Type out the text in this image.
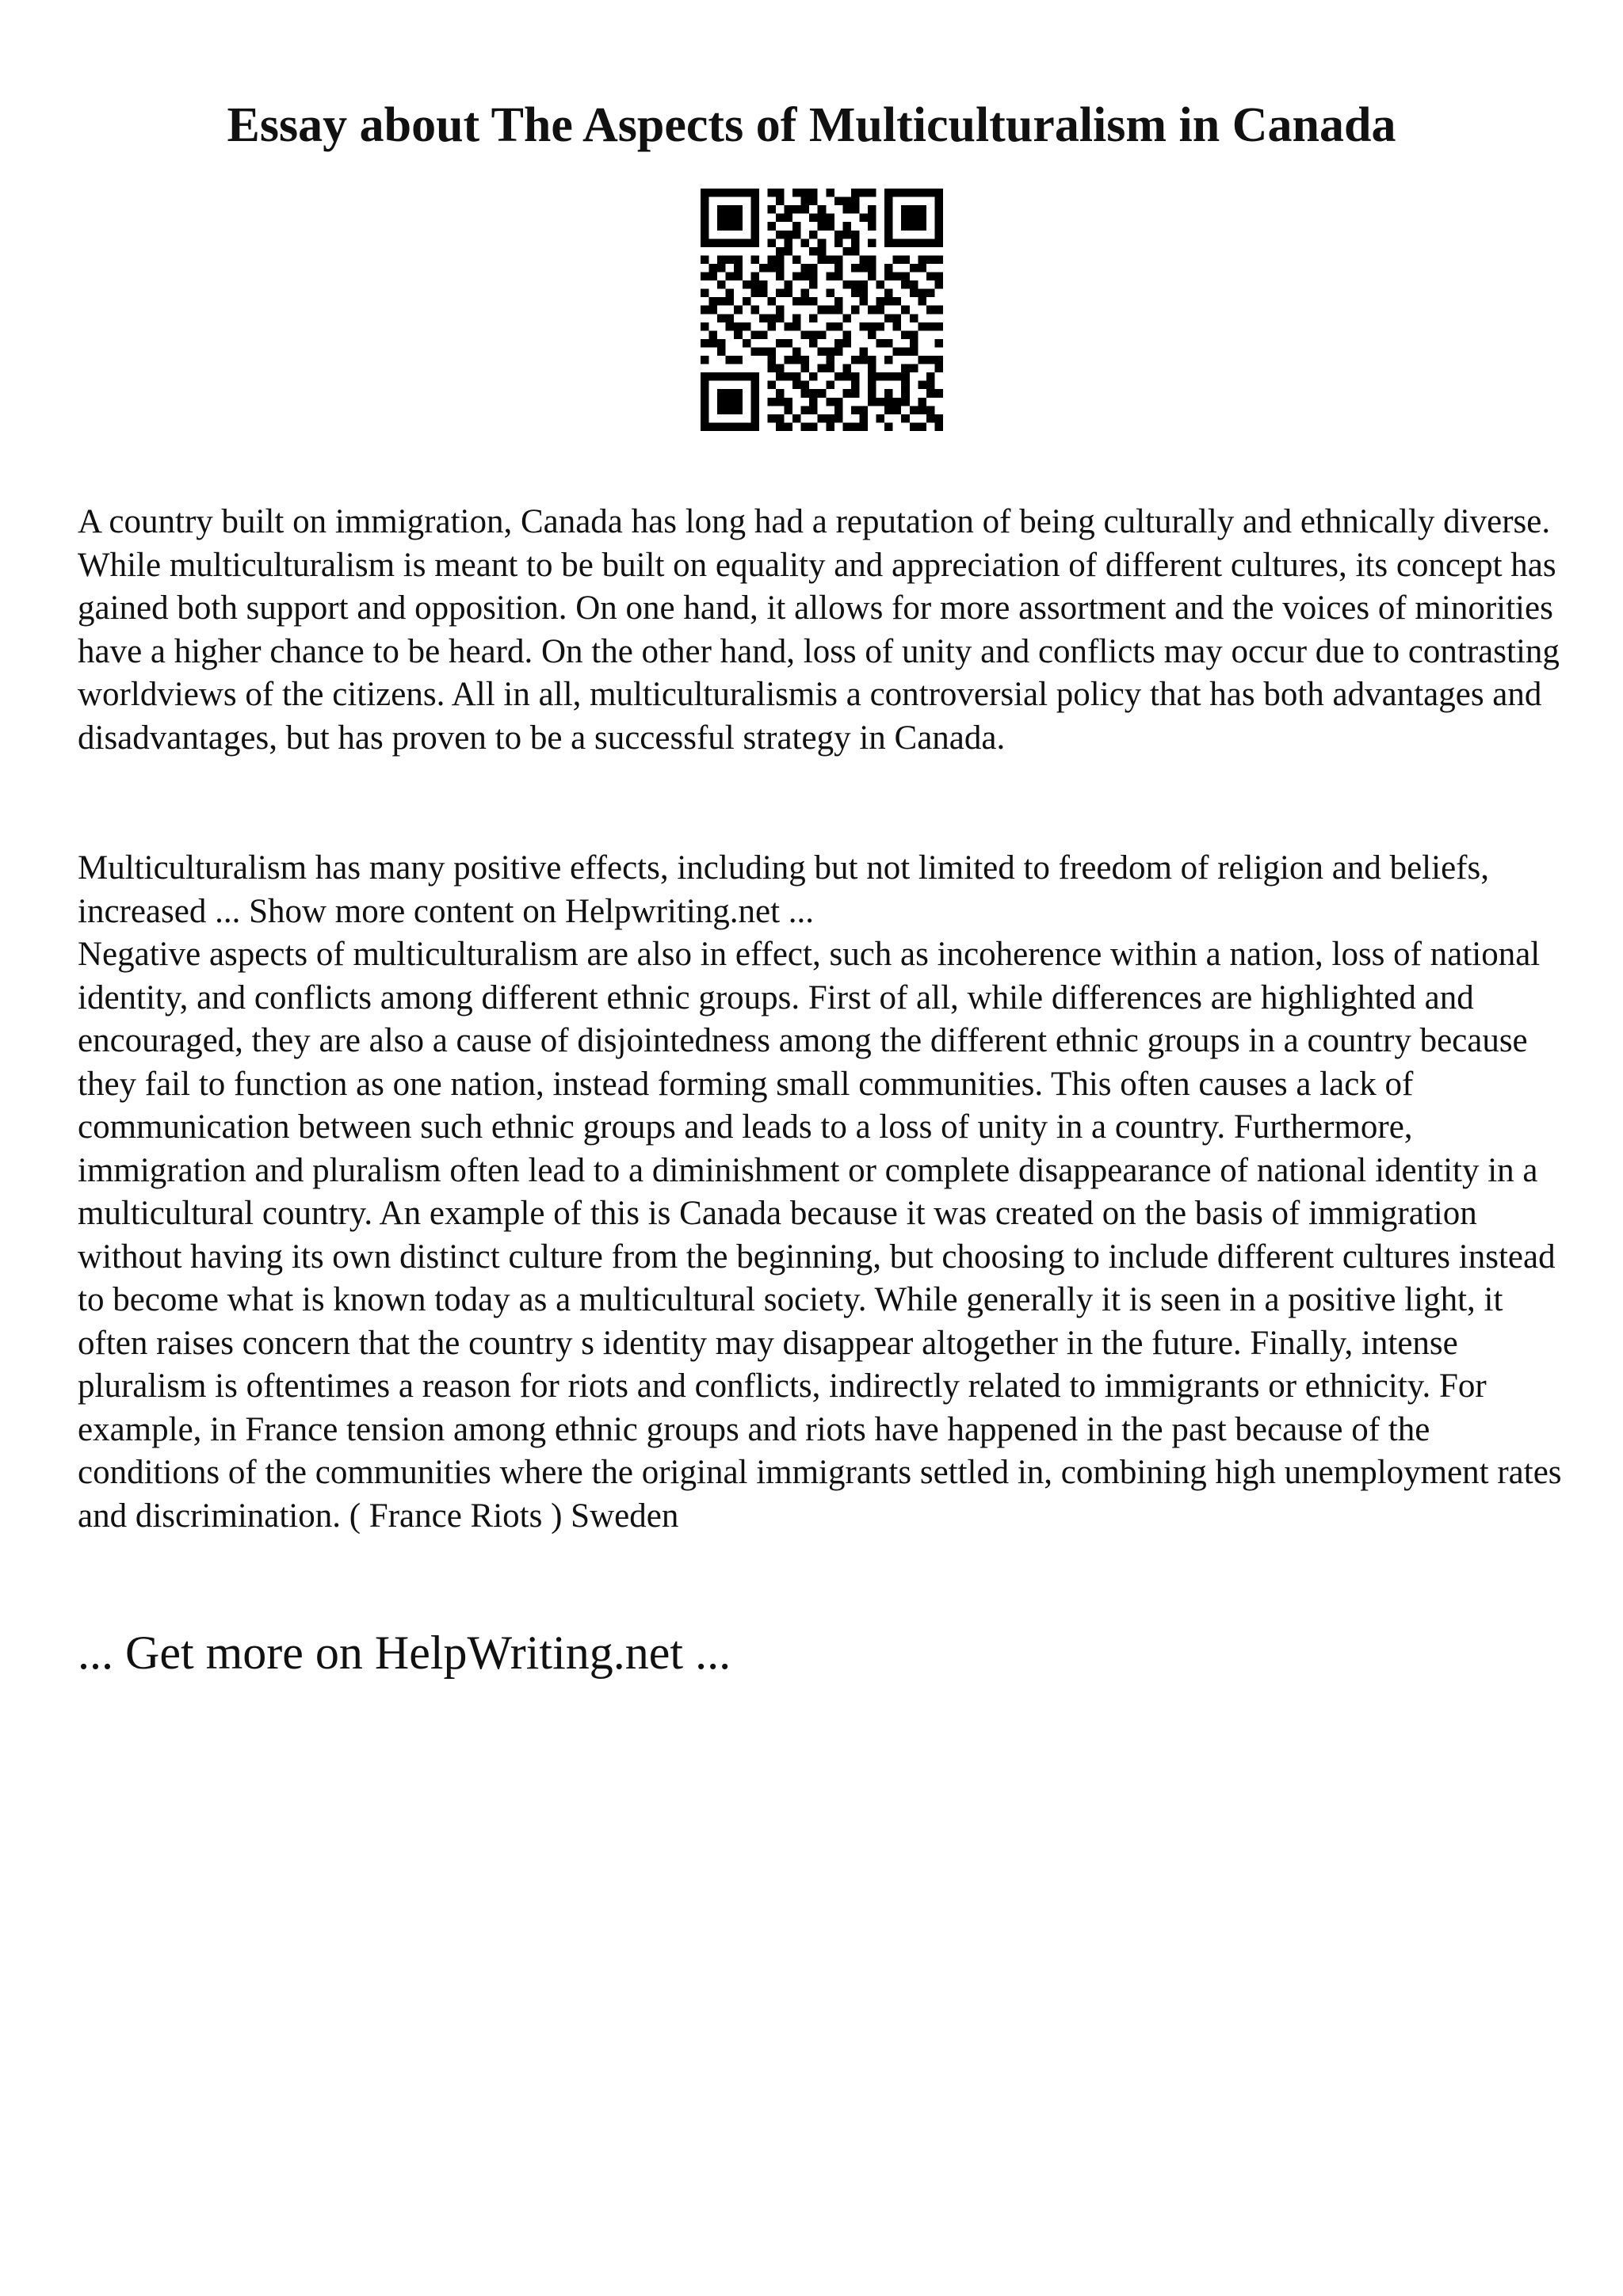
Essay about The Aspects of Multiculturalism in Canada

A country built on immigration, Canada has long had a reputation of being culturally and ethnically diverse. While multiculturalism is meant to be built on equality and appreciation of different cultures, its concept has gained both support and opposition. On one hand, it allows for more assortment and the voices of minorities have a higher chance to be heard. On the other hand, loss of unity and conflicts may occur due to contrasting worldviews of the citizens. All in all, multiculturalismis a controversial policy that has both advantages and disadvantages, but has proven to be a successful strategy in Canada.

Multiculturalism has many positive effects, including but not limited to freedom of religion and beliefs, increased ... Show more content on Helpwriting.net ...

Negative aspects of multiculturalism are also in effect, such as incoherence within a nation, loss of national identity, and conflicts among different ethnic groups. First of all, while differences are highlighted and encouraged, they are also a cause of disjointedness among the different ethnic groups in a country because they fail to function as one nation, instead forming small communities. This often causes a lack of communication between such ethnic groups and leads to a loss of unity in a country. Furthermore, immigration and pluralism often lead to a diminishment or complete disappearance of national identity in a multicultural country. An example of this is Canada because it was created on the basis of immigration without having its own distinct culture from the beginning, but choosing to include different cultures instead to become what is known today as a multicultural society. While generally it is seen in a positive light, it often raises concern that the country s identity may disappear altogether in the future. Finally, intense pluralism is oftentimes a reason for riots and conflicts, indirectly related to immigrants or ethnicity. For example, in France tension among ethnic groups and riots have happened in the past because of the conditions of the communities where the original immigrants settled in, combining high unemployment rates and discrimination. ( France Riots ) Sweden

... Get more on HelpWriting.net ...
